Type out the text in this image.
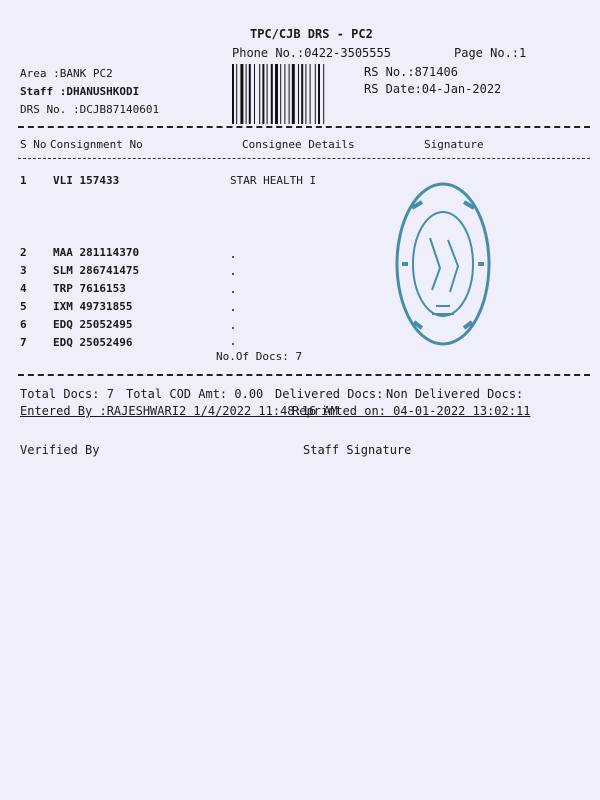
TPC/CJB DRS - PC2
Phone No.:0422-3505555	Page No.:1
Area :BANK PC2
Staff :DHANUSHKODI
DRS No. :DCJB87140601
RS No.:871406
RS Date:04-Jan-2022
S No Consignment No	Consignee Details	Signature
1 VLI 157433	STAR HEALTH I
2 MAA 281114370
3 SLM 286741475
4 TRP 7616153
5 IXM 49731855
6 EDQ 25052495
7 EDQ 25052496
No.Of Docs: 7
Total Docs: 7 Total COD Amt: 0.00 Delivered Docs: Non Delivered Docs:
Entered By :RAJESHWARI2 1/4/2022 11:48:16 AM
Reprinted on: 04-01-2022 13:02:11
Verified By	Staff Signature
